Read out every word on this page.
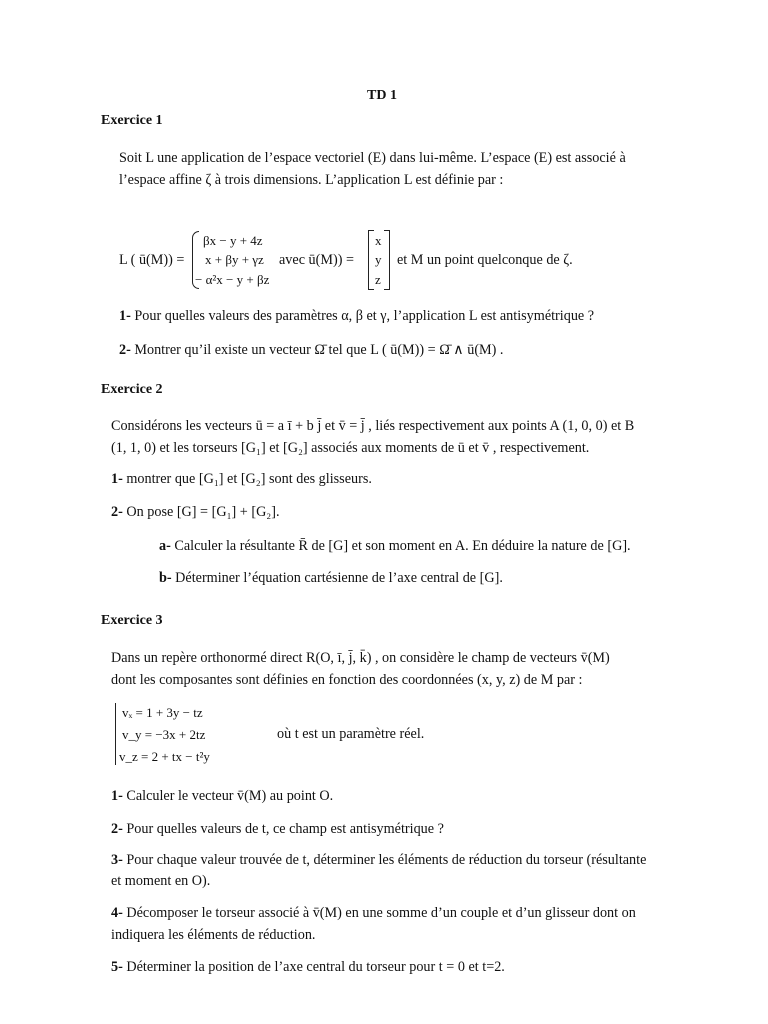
TD 1
Exercice 1
Soit L une application de l’espace vectoriel (E) dans lui-même. L’espace (E) est associé à
l’espace affine ζ à trois dimensions. L’application L est définie par :
L ( ū(M)) =
βx − y + 4z
x + βy + γz
− α²x − y + βz
avec ū(M)) =
x
y
z
et M un point quelconque de ζ.
1- Pour quelles valeurs des paramètres α, β et γ, l’application L est antisymétrique ?
2- Montrer qu’il existe un vecteur Ω̄ tel que L ( ū(M)) = Ω̄ ∧ ū(M) .
Exercice 2
Considérons les vecteurs ū = a ī + b j̄ et v̄ = j̄ , liés respectivement aux points A (1, 0, 0) et B
(1, 1, 0) et les torseurs [G₁] et [G₂] associés aux moments de ū et v̄ , respectivement.
1- montrer que [G₁] et [G₂] sont des glisseurs.
2- On pose [G] = [G₁] + [G₂].
a- Calculer la résultante R̄ de [G] et son moment en A. En déduire la nature de [G].
b- Déterminer l’équation cartésienne de l’axe central de [G].
Exercice 3
Dans un repère orthonormé direct R(O, ī, j̄, k̄) , on considère le champ de vecteurs v̄(M)
dont les composantes sont définies en fonction des coordonnées (x, y, z) de M par :
vₓ = 1 + 3y − tz
v_y = −3x + 2tz
v_z = 2 + tx − t²y
où t est un paramètre réel.
1- Calculer le vecteur v̄(M) au point O.
2- Pour quelles valeurs de t, ce champ est antisymétrique ?
3- Pour chaque valeur trouvée de t, déterminer les éléments de réduction du torseur (résultante
et moment en O).
4- Décomposer le torseur associé à v̄(M) en une somme d’un couple et d’un glisseur dont on
indiquera les éléments de réduction.
5- Déterminer la position de l’axe central du torseur pour t = 0 et t=2.
